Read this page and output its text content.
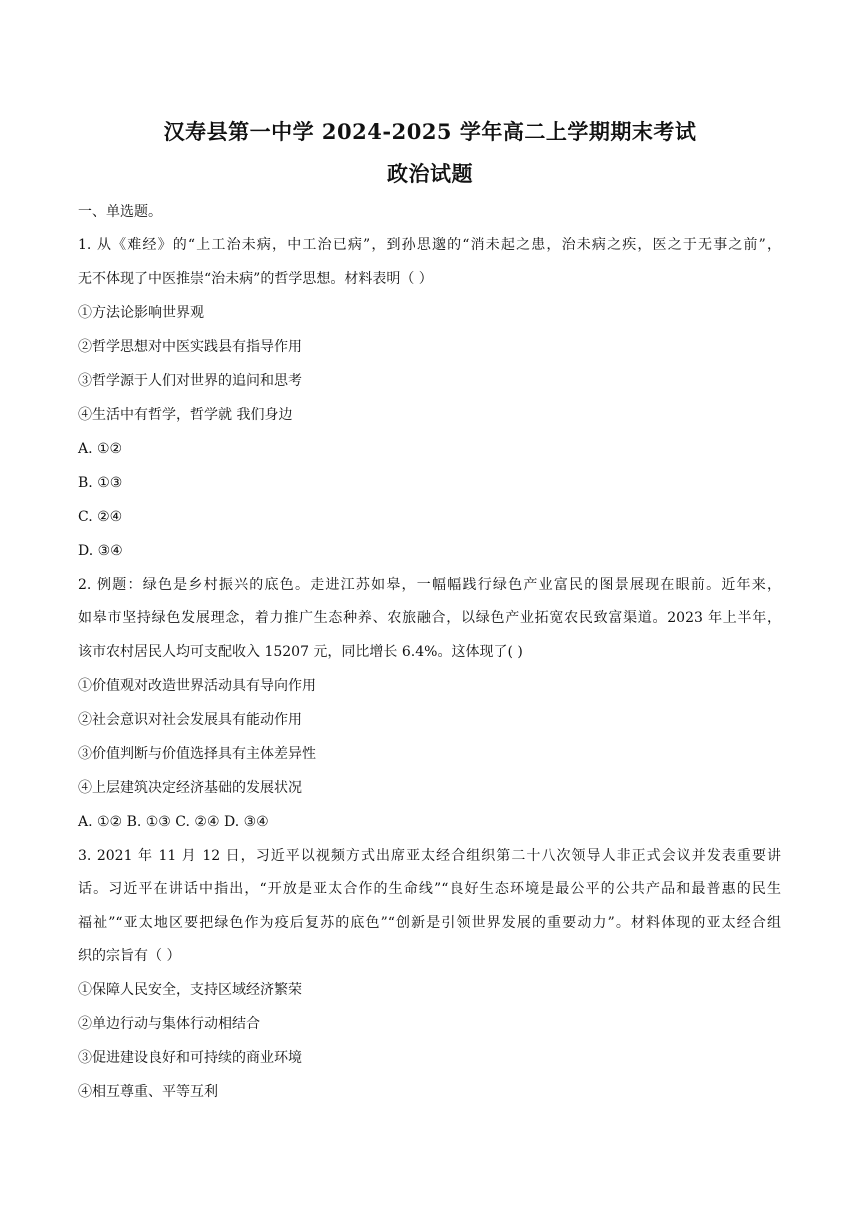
汉寿县第一中学 2024-2025 学年高二上学期期末考试
政治试题
一、单选题。
1. 从《难经》的“上工治未病，中工治已病”，到孙思邈的“消未起之患，治未病之疾，医之于无事之前”，
无不体现了中医推崇“治未病”的哲学思想。材料表明（ ）
①方法论影响世界观
②哲学思想对中医实践县有指导作用
③哲学源于人们对世界的追问和思考
④生活中有哲学，哲学就 我们身边
A. ①②
B. ①③
C. ②④
D. ③④
2. 例题：绿色是乡村振兴的底色。走进江苏如皋，一幅幅践行绿色产业富民的图景展现在眼前。近年来，
如皋市坚持绿色发展理念，着力推广生态种养、农旅融合，以绿色产业拓宽农民致富渠道。2023 年上半年，
该市农村居民人均可支配收入 15207 元，同比增长 6.4%。这体现了( )
①价值观对改造世界活动具有导向作用
②社会意识对社会发展具有能动作用
③价值判断与价值选择具有主体差异性
④上层建筑决定经济基础的发展状况
A. ①② B. ①③ C. ②④ D. ③④
3. 2021 年 11 月 12 日，习近平以视频方式出席亚太经合组织第二十八次领导人非正式会议并发表重要讲
话。习近平在讲话中指出，“开放是亚太合作的生命线”“良好生态环境是最公平的公共产品和最普惠的民生
福祉”“亚太地区要把绿色作为疫后复苏的底色”“创新是引领世界发展的重要动力”。材料体现的亚太经合组
织的宗旨有（ ）
①保障人民安全，支持区域经济繁荣
②单边行动与集体行动相结合
③促进建设良好和可持续的商业环境
④相互尊重、平等互利
